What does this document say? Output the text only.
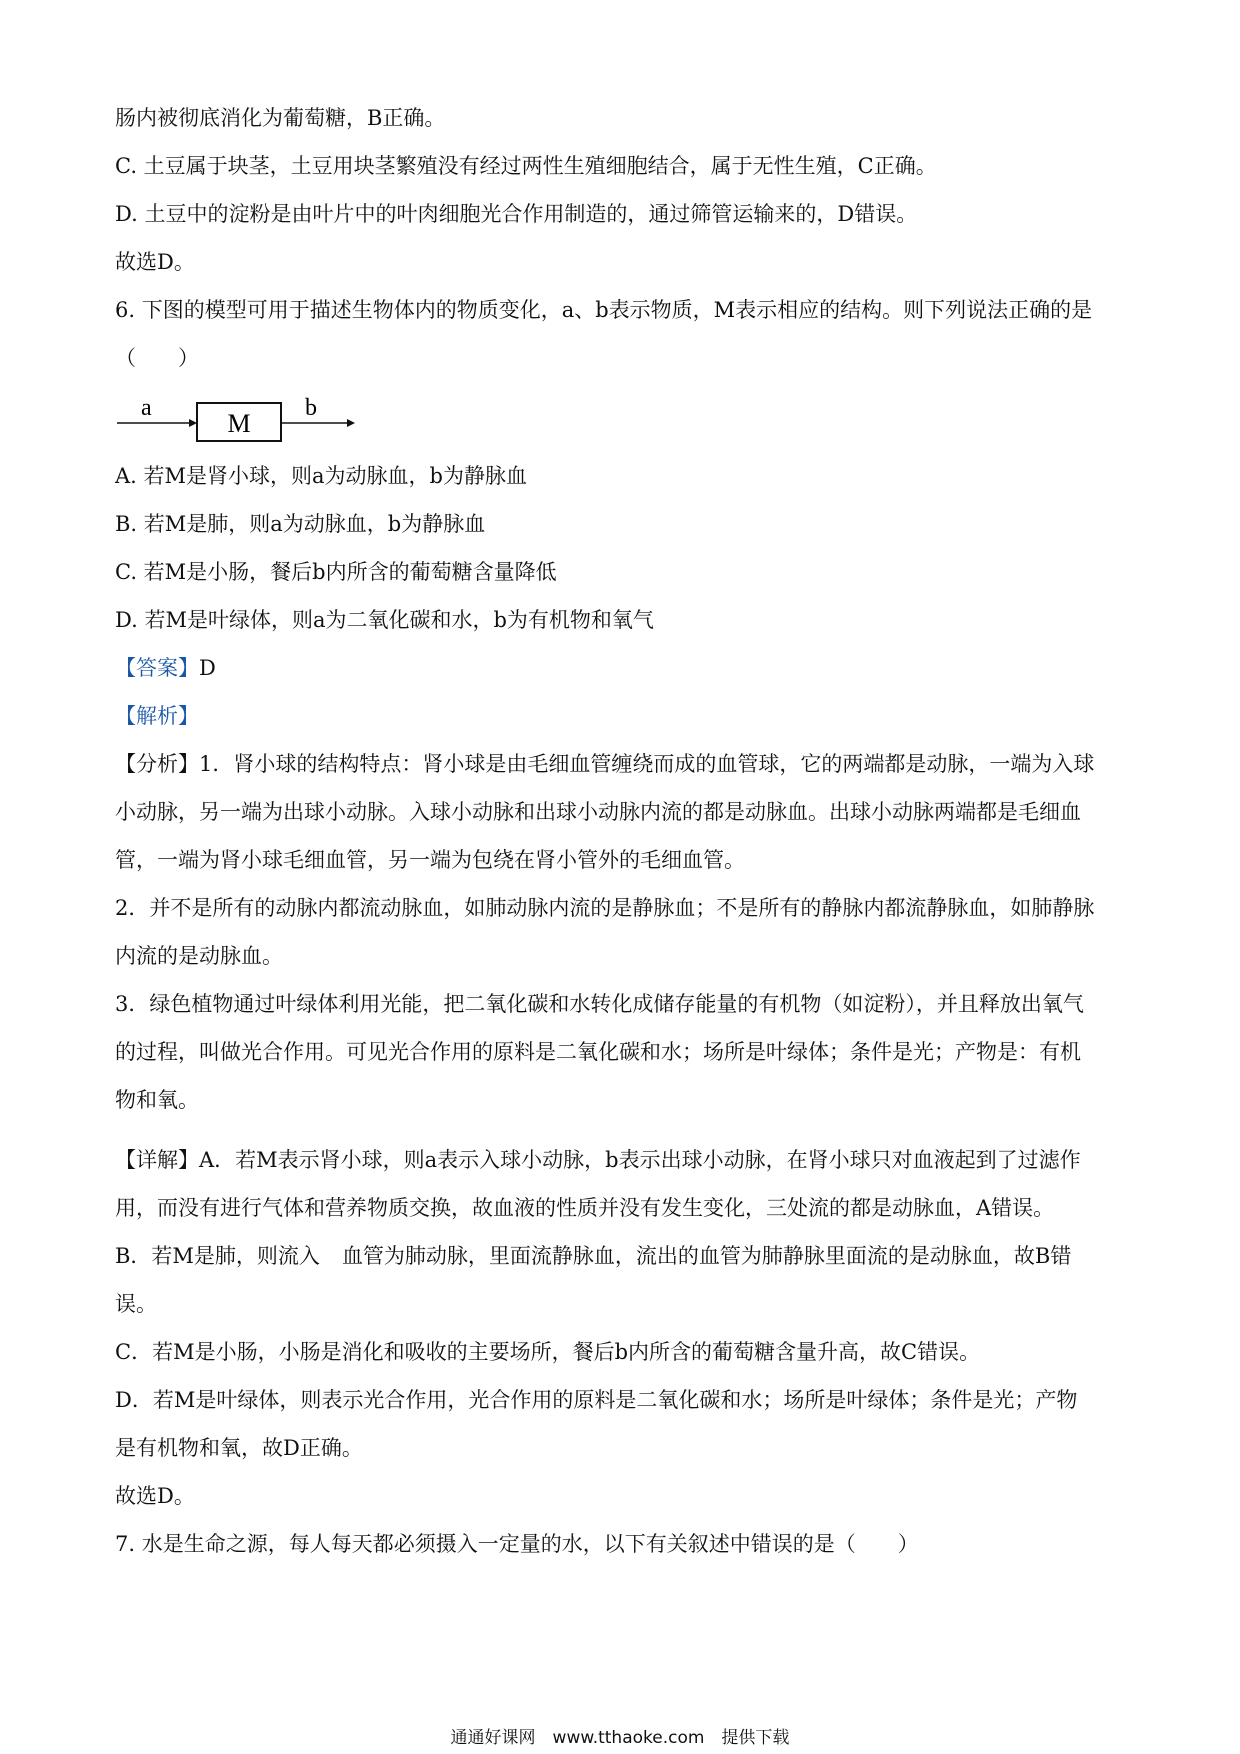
肠内被彻底消化为葡萄糖，B正确。
C. 土豆属于块茎，土豆用块茎繁殖没有经过两性生殖细胞结合，属于无性生殖，C正确。
D. 土豆中的淀粉是由叶片中的叶肉细胞光合作用制造的，通过筛管运输来的，D错误。
故选D。
6. 下图的模型可用于描述生物体内的物质变化，a、b表示物质，M表示相应的结构。则下列说法正确的是
（　　）
a
M
b
A. 若M是肾小球，则a为动脉血，b为静脉血
B. 若M是肺，则a为动脉血，b为静脉血
C. 若M是小肠，餐后b内所含的葡萄糖含量降低
D. 若M是叶绿体，则a为二氧化碳和水，b为有机物和氧气
【答案】D
【解析】
【分析】1．肾小球的结构特点：肾小球是由毛细血管缠绕而成的血管球，它的两端都是动脉，一端为入球
小动脉，另一端为出球小动脉。入球小动脉和出球小动脉内流的都是动脉血。出球小动脉两端都是毛细血
管，一端为肾小球毛细血管，另一端为包绕在肾小管外的毛细血管。
2．并不是所有的动脉内都流动脉血，如肺动脉内流的是静脉血；不是所有的静脉内都流静脉血，如肺静脉
内流的是动脉血。
3．绿色植物通过叶绿体利用光能，把二氧化碳和水转化成储存能量的有机物（如淀粉），并且释放出氧气
的过程，叫做光合作用。可见光合作用的原料是二氧化碳和水；场所是叶绿体；条件是光；产物是：有机
物和氧。
【详解】A．若M表示肾小球，则a表示入球小动脉，b表示出球小动脉，在肾小球只对血液起到了过滤作
用，而没有进行气体和营养物质交换，故血液的性质并没有发生变化，三处流的都是动脉血，A错误。
B．若M是肺，则流入 血管为肺动脉，里面流静脉血，流出的血管为肺静脉里面流的是动脉血，故B错
误。
C．若M是小肠，小肠是消化和吸收的主要场所，餐后b内所含的葡萄糖含量升高，故C错误。
D．若M是叶绿体，则表示光合作用，光合作用的原料是二氧化碳和水；场所是叶绿体；条件是光；产物
是有机物和氧，故D正确。
故选D。
7. 水是生命之源，每人每天都必须摄入一定量的水，以下有关叙述中错误的是（　　）
通通好课网　www.tthaoke.com　提供下载
